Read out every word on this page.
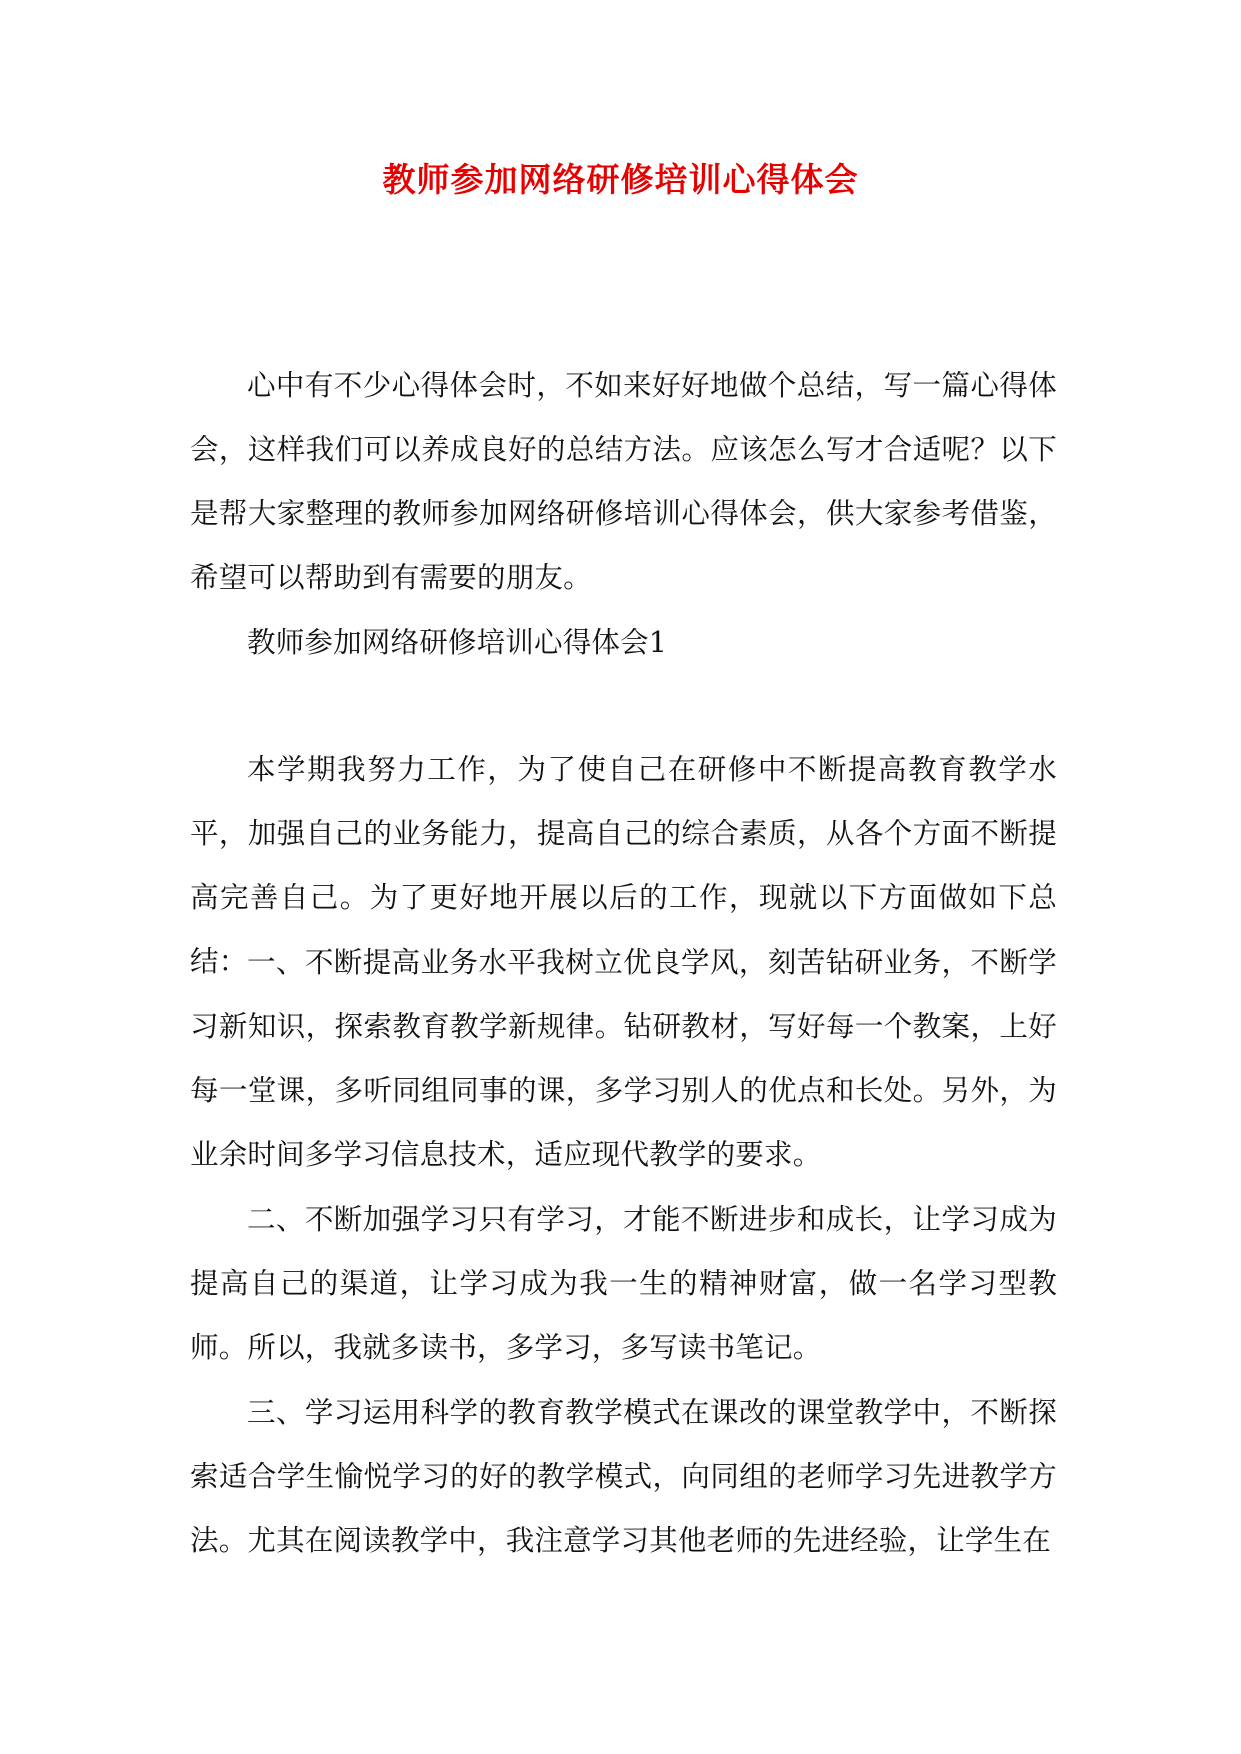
教师参加网络研修培训心得体会

心中有不少心得体会时，不如来好好地做个总结，写一篇心得体会，这样我们可以养成良好的总结方法。应该怎么写才合适呢？以下是帮大家整理的教师参加网络研修培训心得体会，供大家参考借鉴，希望可以帮助到有需要的朋友。

教师参加网络研修培训心得体会1

本学期我努力工作，为了使自己在研修中不断提高教育教学水平，加强自己的业务能力，提高自己的综合素质，从各个方面不断提高完善自己。为了更好地开展以后的工作，现就以下方面做如下总结： 一、不断提高业务水平我树立优良学风，刻苦钻研业务，不断学习新知识，探索教育教学新规律。钻研教材，写好每一个教案，上好每一堂课，多听同组同事的课，多学习别人的优点和长处。另外，为业余时间多学习信息技术，适应现代教学的要求。

二、不断加强学习只有学习，才能不断进步和成长，让学习成为提高自己的渠道，让学习成为我一生的精神财富，做一名学习型教师。所以，我就多读书，多学习，多写读书笔记。

三、学习运用科学的教育教学模式在课改的课堂教学中，不断探索适合学生愉悦学习的好的教学模式，向同组的老师学习先进教学方法。尤其在阅读教学中，我注意学习其他老师的先进经验，让学生在
